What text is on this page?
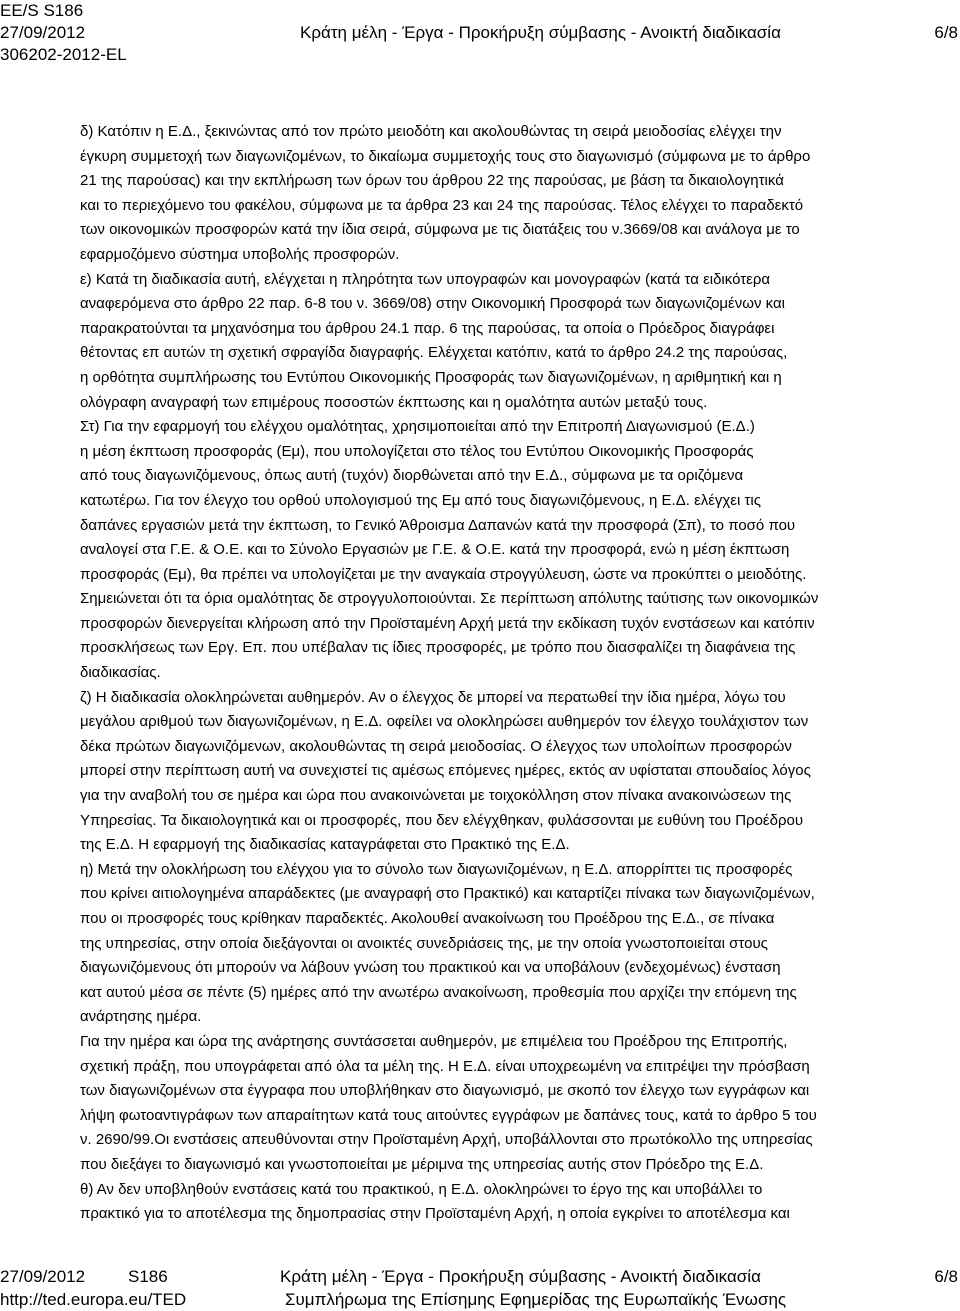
EE/S S186
27/09/2012
306202-2012-EL
Κράτη μέλη - Έργα - Προκήρυξη σύμβασης - Ανοικτή διαδικασία	6/8
δ) Κατόπιν η Ε.Δ., ξεκινώντας από τον πρώτο μειοδότη και ακολουθώντας τη σειρά μειοδοσίας ελέγχει την
έγκυρη συμμετοχή των διαγωνιζομένων, το δικαίωμα συμμετοχής τους στο διαγωνισμό (σύμφωνα με το άρθρο
21 της παρούσας) και την εκπλήρωση των όρων του άρθρου 22 της παρούσας, με βάση τα δικαιολογητικά
και το περιεχόμενο του φακέλου, σύμφωνα με τα άρθρα 23 και 24 της παρούσας. Τέλος ελέγχει το παραδεκτό
των οικονομικών προσφορών κατά την ίδια σειρά, σύμφωνα με τις διατάξεις του ν.3669/08 και ανάλογα με το
εφαρμοζόμενο σύστημα υποβολής προσφορών.
ε) Κατά τη διαδικασία αυτή, ελέγχεται η πληρότητα των υπογραφών και μονογραφών (κατά τα ειδικότερα
αναφερόμενα στο άρθρο 22 παρ. 6-8 του ν. 3669/08) στην Οικονομική Προσφορά των διαγωνιζομένων και
παρακρατούνται τα μηχανόσημα του άρθρου 24.1 παρ. 6 της παρούσας, τα οποία ο Πρόεδρος διαγράφει
θέτοντας επ αυτών τη σχετική σφραγίδα διαγραφής. Ελέγχεται κατόπιν, κατά το άρθρο 24.2 της παρούσας,
η ορθότητα συμπλήρωσης του Εντύπου Οικονομικής Προσφοράς των διαγωνιζομένων, η αριθμητική και η
ολόγραφη αναγραφή των επιμέρους ποσοστών έκπτωσης και η ομαλότητα αυτών μεταξύ τους.
Στ) Για την εφαρμογή του ελέγχου ομαλότητας, χρησιμοποιείται από την Επιτροπή Διαγωνισμού (Ε.Δ.)
η μέση έκπτωση προσφοράς (Εμ), που υπολογίζεται στο τέλος του Εντύπου Οικονομικής Προσφοράς
από τους διαγωνιζόμενους, όπως αυτή (τυχόν) διορθώνεται από την Ε.Δ., σύμφωνα με τα οριζόμενα
κατωτέρω. Για τον έλεγχο του ορθού υπολογισμού της Εμ από τους διαγωνιζόμενους, η Ε.Δ. ελέγχει τις
δαπάνες εργασιών μετά την έκπτωση, το Γενικό Άθροισμα Δαπανών κατά την προσφορά (Σπ), το ποσό που
αναλογεί στα Γ.Ε. & Ο.Ε. και το Σύνολο Εργασιών με Γ.Ε. & Ο.Ε. κατά την προσφορά, ενώ η μέση έκπτωση
προσφοράς (Εμ), θα πρέπει να υπολογίζεται με την αναγκαία στρογγύλευση, ώστε να προκύπτει ο μειοδότης.
Σημειώνεται ότι τα όρια ομαλότητας δε στρογγυλοποιούνται. Σε περίπτωση απόλυτης ταύτισης των οικονομικών
προσφορών διενεργείται κλήρωση από την Προϊσταμένη Αρχή μετά την εκδίκαση τυχόν ενστάσεων και κατόπιν
προσκλήσεως των Εργ. Επ. που υπέβαλαν τις ίδιες προσφορές, με τρόπο που διασφαλίζει τη διαφάνεια της
διαδικασίας.
ζ) Η διαδικασία ολοκληρώνεται αυθημερόν. Αν ο έλεγχος δε μπορεί να περατωθεί την ίδια ημέρα, λόγω του
μεγάλου αριθμού των διαγωνιζομένων, η Ε.Δ. οφείλει να ολοκληρώσει αυθημερόν τον έλεγχο τουλάχιστον των
δέκα πρώτων διαγωνιζόμενων, ακολουθώντας τη σειρά μειοδοσίας. Ο έλεγχος των υπολοίπων προσφορών
μπορεί στην περίπτωση αυτή να συνεχιστεί τις αμέσως επόμενες ημέρες, εκτός αν υφίσταται σπουδαίος λόγος
για την αναβολή του σε ημέρα και ώρα που ανακοινώνεται με τοιχοκόλληση στον πίνακα ανακοινώσεων της
Υπηρεσίας. Τα δικαιολογητικά και οι προσφορές, που δεν ελέγχθηκαν, φυλάσσονται με ευθύνη του Προέδρου
της Ε.Δ. Η εφαρμογή της διαδικασίας καταγράφεται στο Πρακτικό της Ε.Δ.
η) Μετά την ολοκλήρωση του ελέγχου για το σύνολο των διαγωνιζομένων, η Ε.Δ. απορρίπτει τις προσφορές
που κρίνει αιτιολογημένα απαράδεκτες (με αναγραφή στο Πρακτικό) και καταρτίζει πίνακα των διαγωνιζομένων,
που οι προσφορές τους κρίθηκαν παραδεκτές. Ακολουθεί ανακοίνωση του Προέδρου της Ε.Δ., σε πίνακα
της υπηρεσίας, στην οποία διεξάγονται οι ανοικτές συνεδριάσεις της, με την οποία γνωστοποιείται στους
διαγωνιζόμενους ότι μπορούν να λάβουν γνώση του πρακτικού και να υποβάλουν (ενδεχομένως) ένσταση
κατ αυτού μέσα σε πέντε (5) ημέρες από την ανωτέρω ανακοίνωση, προθεσμία που αρχίζει την επόμενη της
ανάρτησης ημέρα.
Για την ημέρα και ώρα της ανάρτησης συντάσσεται αυθημερόν, με επιμέλεια του Προέδρου της Επιτροπής,
σχετική πράξη, που υπογράφεται από όλα τα μέλη της. Η Ε.Δ. είναι υποχρεωμένη να επιτρέψει την πρόσβαση
των διαγωνιζομένων στα έγγραφα που υποβλήθηκαν στο διαγωνισμό, με σκοπό τον έλεγχο των εγγράφων και
λήψη φωτοαντιγράφων των απαραίτητων κατά τους αιτούντες εγγράφων με δαπάνες τους, κατά το άρθρο 5 του
ν. 2690/99.Οι ενστάσεις απευθύνονται στην Προϊσταμένη Αρχή, υποβάλλονται στο πρωτόκολλο της υπηρεσίας
που διεξάγει το διαγωνισμό και γνωστοποιείται με μέριμνα της υπηρεσίας αυτής στον Πρόεδρο της Ε.Δ.
θ) Αν δεν υποβληθούν ενστάσεις κατά του πρακτικού, η Ε.Δ. ολοκληρώνει το έργο της και υποβάλλει το
πρακτικό για το αποτέλεσμα της δημοπρασίας στην Προϊσταμένη Αρχή, η οποία εγκρίνει το αποτέλεσμα και
27/09/2012	S186	Κράτη μέλη - Έργα - Προκήρυξη σύμβασης - Ανοικτή διαδικασία	6/8
http://ted.europa.eu/TED	Συμπλήρωμα της Επίσημης Εφημερίδας της Ευρωπαϊκής Ένωσης
